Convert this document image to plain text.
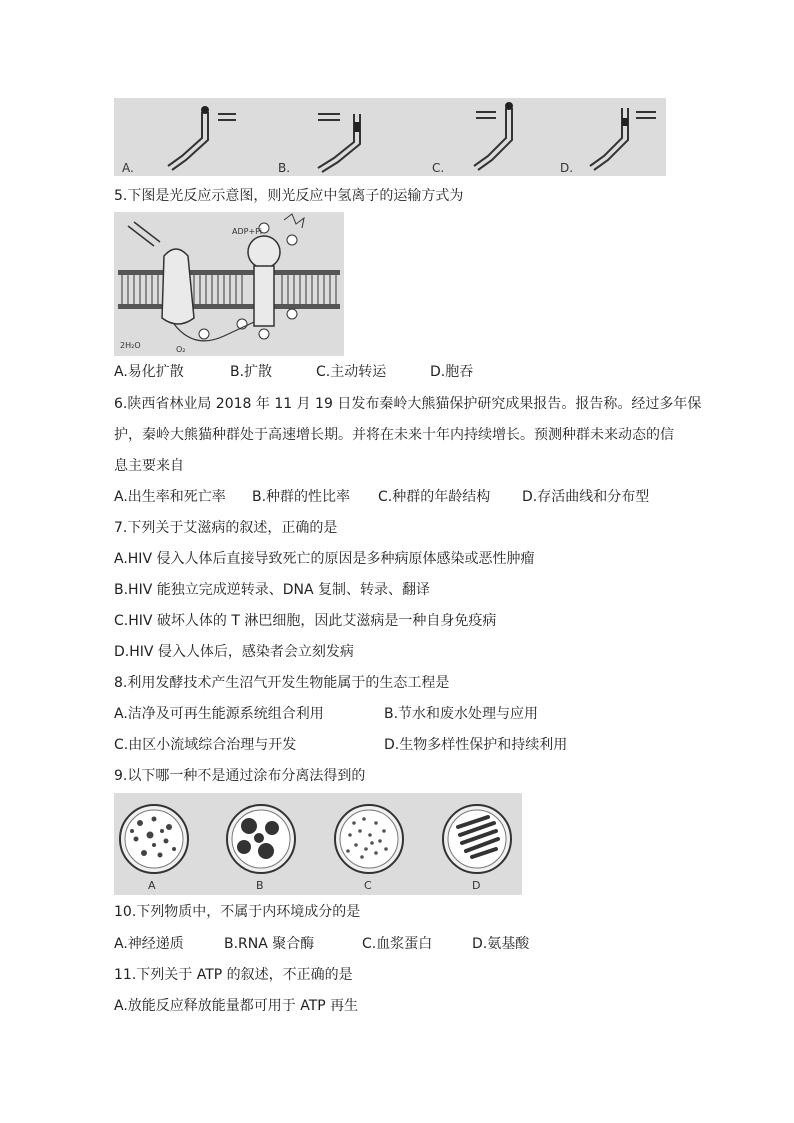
A.	B.	C.	D.
5.下图是光反应示意图，则光反应中氢离子的运输方式为
ADP+Pi
2H₂O	O₂
A.易化扩散	B.扩散	C.主动转运	D.胞吞
6.陕西省林业局 2018 年 11 月 19 日发布秦岭大熊猫保护研究成果报告。报告称。经过多年保
护，秦岭大熊猫种群处于高速增长期。并将在未来十年内持续增长。预测种群未来动态的信
息主要来自
A.出生率和死亡率 B.种群的性比率 C.种群的年龄结构 D.存活曲线和分布型
7.下列关于艾滋病的叙述，正确的是
A.HIV 侵入人体后直接导致死亡的原因是多种病原体感染或恶性肿瘤
B.HIV 能独立完成逆转录、DNA 复制、转录、翻译
C.HIV 破坏人体的 T 淋巴细胞，因此艾滋病是一种自身免疫病
D.HIV 侵入人体后，感染者会立刻发病
8.利用发酵技术产生沼气开发生物能属于的生态工程是
A.洁净及可再生能源系统组合利用	B.节水和废水处理与应用
C.由区小流域综合治理与开发	D.生物多样性保护和持续利用
9.以下哪一种不是通过涂布分离法得到的
A	B	C	D
10.下列物质中，不属于内环境成分的是
A.神经递质	B.RNA 聚合酶	C.血浆蛋白	D.氨基酸
11.下列关于 ATP 的叙述，不正确的是
A.放能反应释放能量都可用于 ATP 再生
